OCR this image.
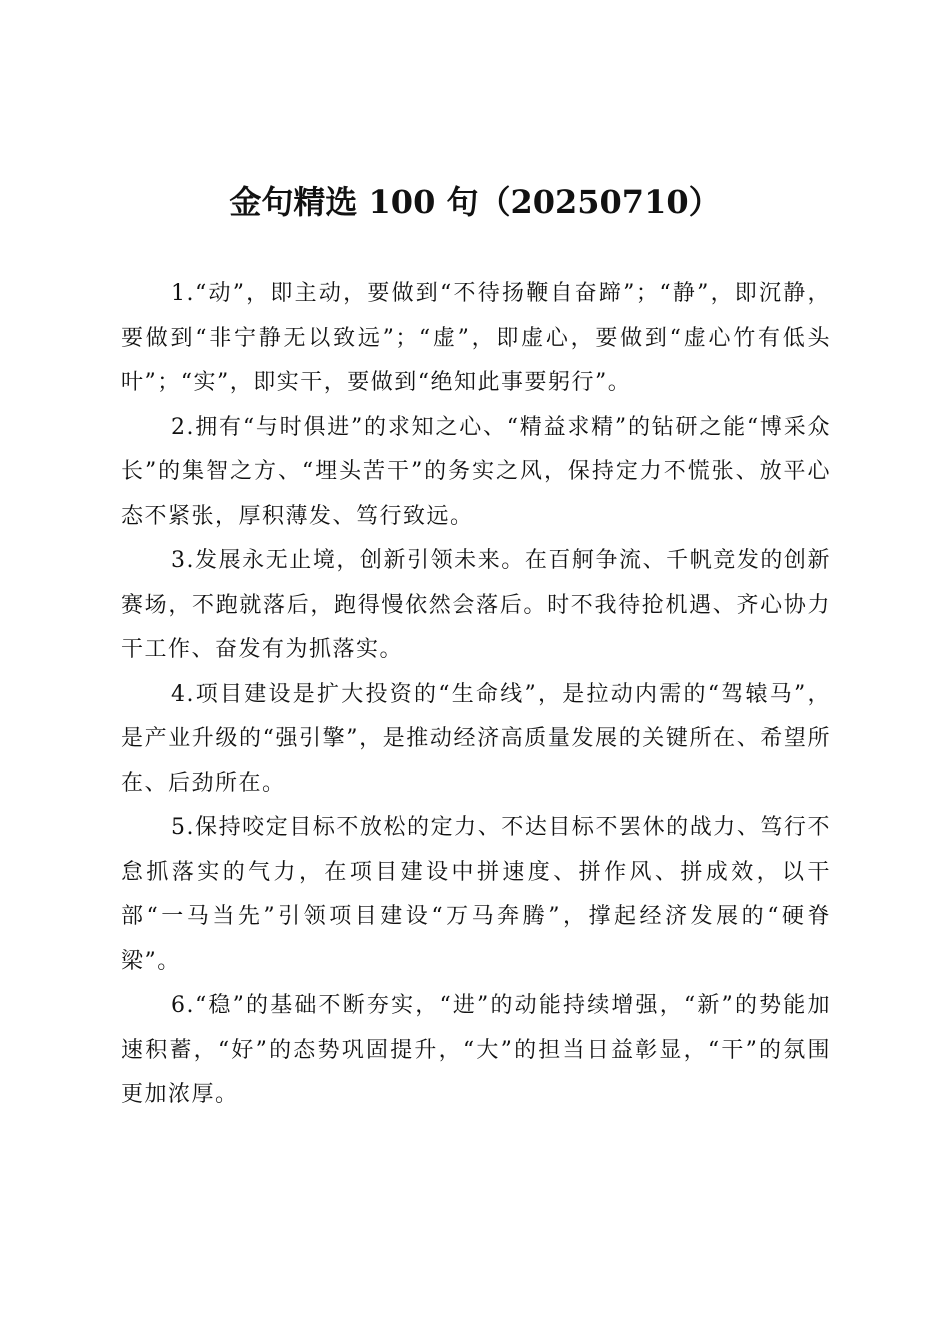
金句精选 100 句（20250710）

1.“动”，即主动，要做到“不待扬鞭自奋蹄”；“静”，即沉静，要做到“非宁静无以致远”；“虚”，即虚心，要做到“虚心竹有低头叶”；“实”，即实干，要做到“绝知此事要躬行”。

2.拥有“与时俱进”的求知之心、“精益求精”的钻研之能“博采众长”的集智之方、“埋头苦干”的务实之风，保持定力不慌张、放平心态不紧张，厚积薄发、笃行致远。

3.发展永无止境，创新引领未来。在百舸争流、千帆竞发的创新赛场，不跑就落后，跑得慢依然会落后。时不我待抢机遇、齐心协力干工作、奋发有为抓落实。

4.项目建设是扩大投资的“生命线”，是拉动内需的“驾辕马”，是产业升级的“强引擎”，是推动经济高质量发展的关键所在、希望所在、后劲所在。

5.保持咬定目标不放松的定力、不达目标不罢休的战力、笃行不怠抓落实的气力，在项目建设中拼速度、拼作风、拼成效，以干部“一马当先”引领项目建设“万马奔腾”，撑起经济发展的“硬脊梁”。

6.“稳”的基础不断夯实，“进”的动能持续增强，“新”的势能加速积蓄，“好”的态势巩固提升，“大”的担当日益彰显，“干”的氛围更加浓厚。
